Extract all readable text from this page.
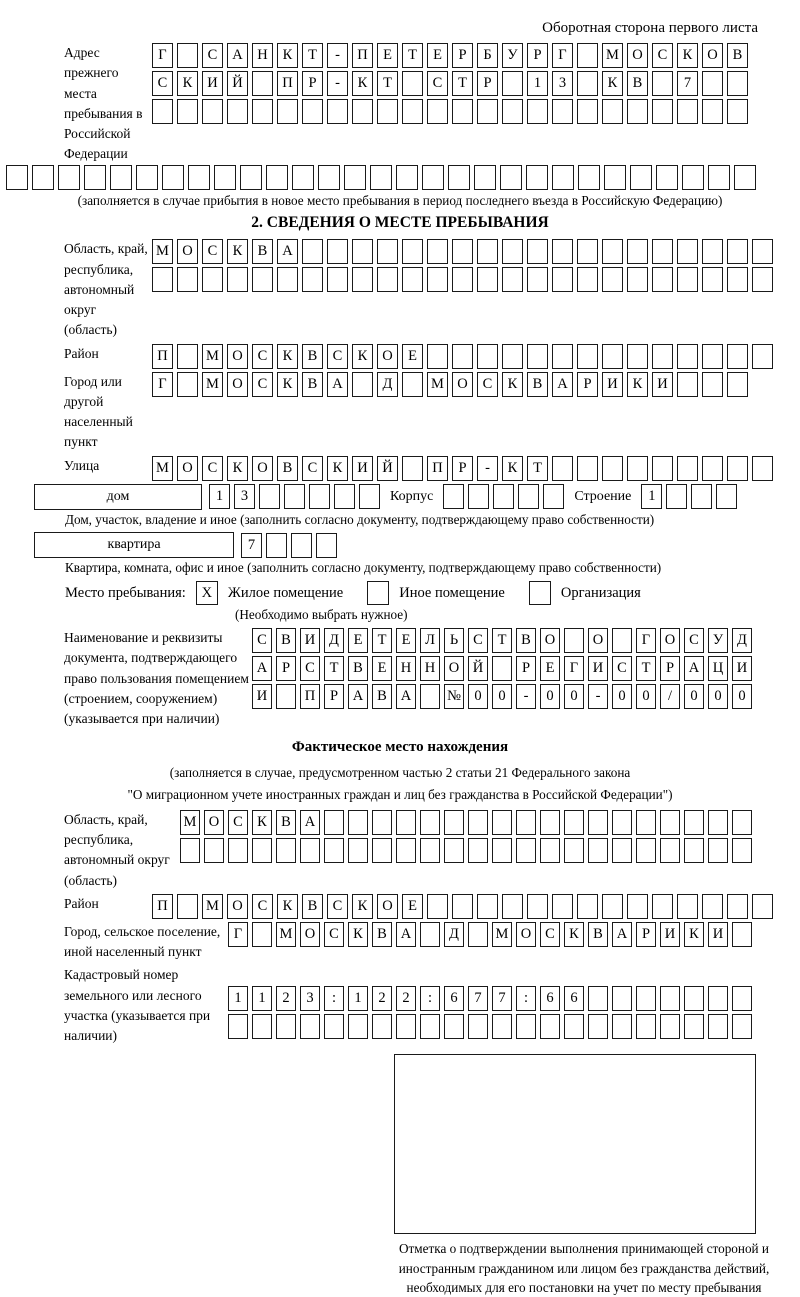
Оборотная сторона первого листа
Адрес прежнего места пребывания в Российской Федерации
Г	С	А	Н	К	Т	-	П	Е	Т	Е	Р	Б	У	Р	Г	М О	С	К	О	В
С	К	И	Й	П	Р	-	К	Т	С	Т	Р	1	3	К	В	7
(заполняется в случае прибытия в новое место пребывания в период последнего въезда в Российскую Федерацию)
2. СВЕДЕНИЯ О МЕСТЕ ПРЕБЫВАНИЯ
Область, край, республика, автономный округ (область)
М О	С	К	В	А
Район	П	М О	С	К	В	С	К	О	Е
Город или другой населенный пункт
Г	М О	С	К	В	А	Д	М О	С	К	В	А	Р	И	К	И
Улица	М О	С	К	О	В	С	К	И	Й	П	Р	-	К	Т
дом	1	3	Корпус	Строение	1
Дом, участок, владение и иное (заполнить согласно документу, подтверждающему право собственности)
квартира	7
Квартира, комната, офис и иное (заполнить согласно документу, подтверждающему право собственности)
Место пребывания:	X	Жилое помещение	Иное помещение	Организация
(Необходимо выбрать нужное)
Наименование и реквизиты документа, подтверждающего право пользования помещением (строением, сооружением) (указывается при наличии)
С В И Д	Е	Т	Е	Л	Ь	С	Т	В О	О	Г	О С У Д
А	Р	С	Т	В	Е Н Н О Й	Р	Е	Г	И С	Т	Р	А Ц И
И	П	Р	А В А	№ 0	0	-	0	0	-	0	0	/	0	0	0
Фактическое место нахождения
(заполняется в случае, предусмотренном частью 2 статьи 21 Федерального закона
"О миграционном учете иностранных граждан и лиц без гражданства в Российской Федерации")
Область, край, республика, автономный округ (область)
М О С К В А
Район	П	М О	С	К	В	С	К	О	Е
Город, сельское поселение, иной населенный пункт
Г	М О С К В А	Д	М О С К В А	Р	И К И
Кадастровый номер земельного или лесного участка (указывается при наличии)
1	1	2	3	:	1	2	2	:	6	7	7	:	6	6
Отметка о подтверждении выполнения принимающей стороной и иностранным гражданином или лицом без гражданства действий, необходимых для его постановки на учет по месту пребывания
